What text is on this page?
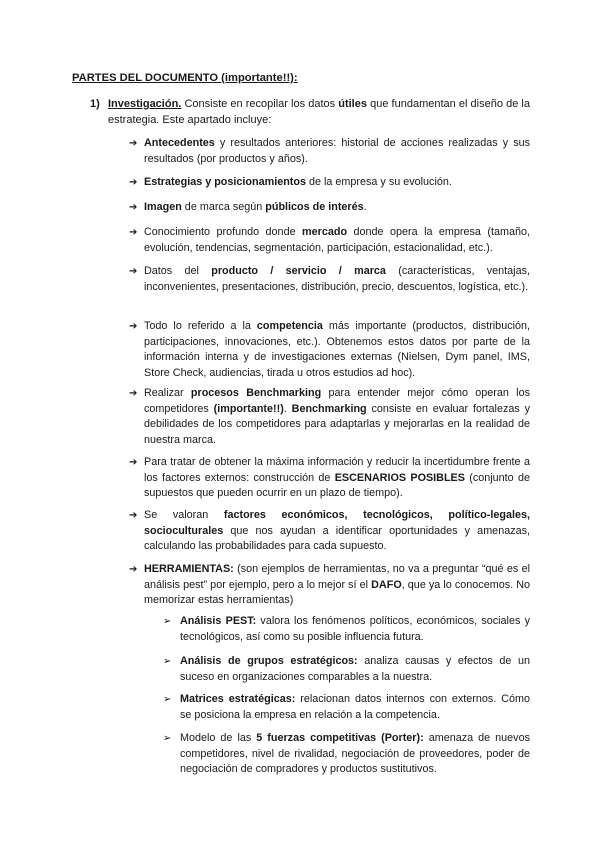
PARTES DEL DOCUMENTO (importante!!):
1) Investigación. Consiste en recopilar los datos útiles que fundamentan el diseño de la estrategia. Este apartado incluye:
➔ Antecedentes y resultados anteriores: historial de acciones realizadas y sus resultados (por productos y años).
➔ Estrategias y posicionamientos de la empresa y su evolución.
➔ Imagen de marca según públicos de interés.
➔ Conocimiento profundo donde mercado donde opera la empresa (tamaño, evolución, tendencias, segmentación, participación, estacionalidad, etc.).
➔ Datos del producto / servicio / marca (características, ventajas, inconvenientes, presentaciones, distribución, precio, descuentos, logística, etc.).
➔ Todo lo referido a la competencia más importante (productos, distribución, participaciones, innovaciones, etc.). Obtenemos estos datos por parte de la información interna y de investigaciones externas (Nielsen, Dym panel, IMS, Store Check, audiencias, tirada u otros estudios ad hoc).
➔ Realizar procesos Benchmarking para entender mejor cómo operan los competidores (importante!!). Benchmarking consiste en evaluar fortalezas y debilidades de los competidores para adaptarlas y mejorarlas en la realidad de nuestra marca.
➔ Para tratar de obtener la máxima información y reducir la incertidumbre frente a los factores externos: construcción de ESCENARIOS POSIBLES (conjunto de supuestos que pueden ocurrir en un plazo de tiempo).
➔ Se valoran factores económicos, tecnológicos, político-legales, socioculturales que nos ayudan a identificar oportunidades y amenazas, calculando las probabilidades para cada supuesto.
➔ HERRAMIENTAS: (son ejemplos de herramientas, no va a preguntar “qué es el análisis pest” por ejemplo, pero a lo mejor sí el DAFO, que ya lo conocemos. No memorizar estas herramientas)
➢ Análisis PEST: valora los fenómenos políticos, económicos, sociales y tecnológicos, así como su posible influencia futura.
➢ Análisis de grupos estratégicos: analiza causas y efectos de un suceso en organizaciones comparables a la nuestra.
➢ Matrices estratégicas: relacionan datos internos con externos. Cómo se posiciona la empresa en relación a la competencia.
➢ Modelo de las 5 fuerzas competitivas (Porter): amenaza de nuevos competidores, nivel de rivalidad, negociación de proveedores, poder de negociación de compradores y productos sustitutivos.
